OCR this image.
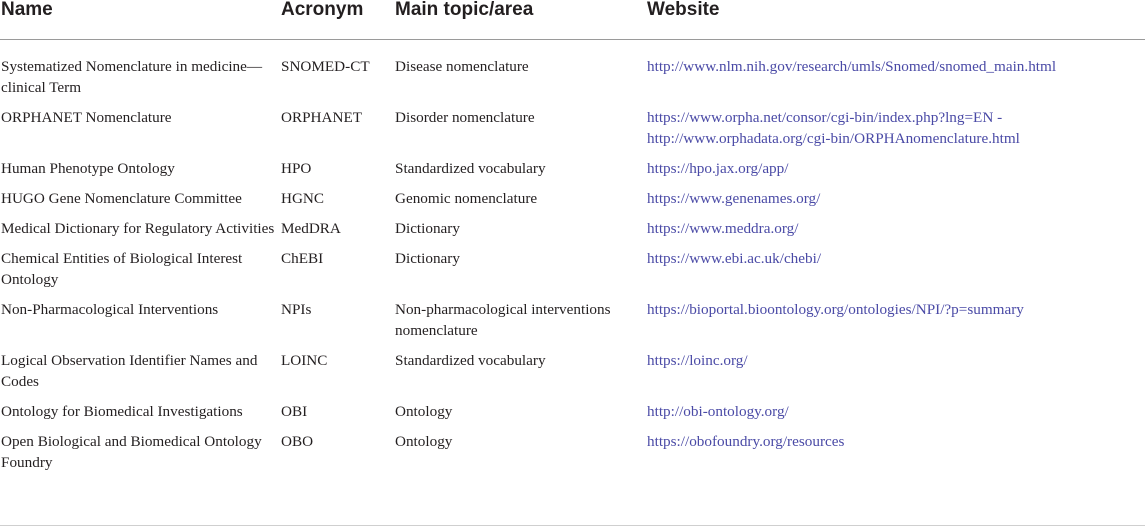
Name	Acronym	Main topic/area	Website
Systematized Nomenclature in medicine—clinical Term	SNOMED-CT	Disease nomenclature	http://www.nlm.nih.gov/research/umls/Snomed/snomed_main.html
ORPHANET Nomenclature	ORPHANET	Disorder nomenclature	https://www.orpha.net/consor/cgi-bin/index.php?lng=EN - http://www.orphadata.org/cgi-bin/ORPHAnomenclature.html
Human Phenotype Ontology	HPO	Standardized vocabulary	https://hpo.jax.org/app/
HUGO Gene Nomenclature Committee	HGNC	Genomic nomenclature	https://www.genenames.org/
Medical Dictionary for Regulatory Activities	MedDRA	Dictionary	https://www.meddra.org/
Chemical Entities of Biological Interest Ontology	ChEBI	Dictionary	https://www.ebi.ac.uk/chebi/
Non-Pharmacological Interventions	NPIs	Non-pharmacological interventions nomenclature	https://bioportal.bioontology.org/ontologies/NPI/?p=summary
Logical Observation Identifier Names and Codes	LOINC	Standardized vocabulary	https://loinc.org/
Ontology for Biomedical Investigations	OBI	Ontology	http://obi-ontology.org/
Open Biological and Biomedical Ontology Foundry	OBO	Ontology	https://obofoundry.org/resources
